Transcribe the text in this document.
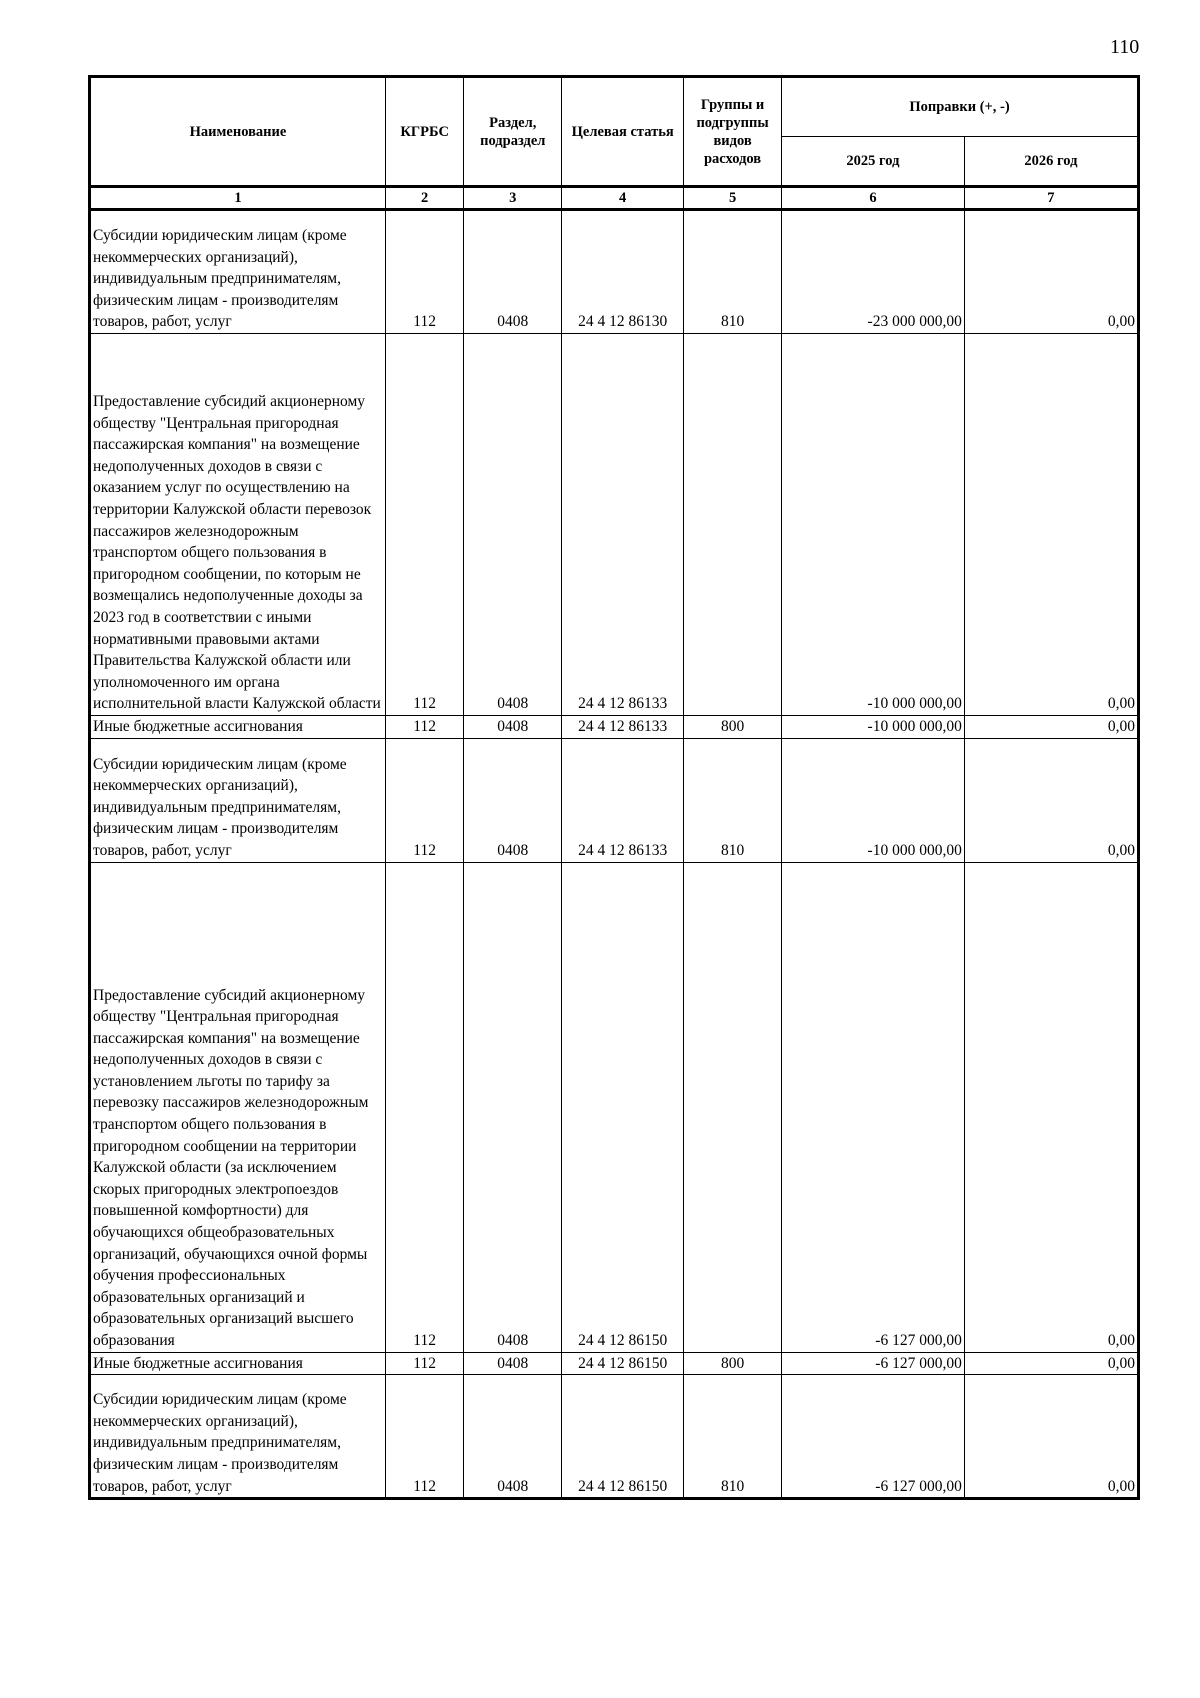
110
Наименование	КГРБС	Раздел, подраздел	Целевая статья	Группы и подгруппы видов расходов	Поправки (+, -)	
					2025 год	2026 год
1	2	3	4	5	6	7
Субсидии юридическим лицам (кроме некоммерческих организаций), индивидуальным предпринимателям, физическим лицам - производителям товаров, работ, услуг	112	0408	24 4 12 86130	810	-23 000 000,00	0,00
Предоставление субсидий акционерному обществу "Центральная пригородная пассажирская компания" на возмещение недополученных доходов в связи с оказанием услуг по осуществлению на территории Калужской области перевозок пассажиров железнодорожным транспортом общего пользования в пригородном сообщении, по которым не возмещались недополученные доходы за 2023 год в соответствии с иными нормативными правовыми актами Правительства Калужской области или уполномоченного им органа исполнительной власти Калужской области	112	0408	24 4 12 86133		-10 000 000,00	0,00
Иные бюджетные ассигнования	112	0408	24 4 12 86133	800	-10 000 000,00	0,00
Субсидии юридическим лицам (кроме некоммерческих организаций), индивидуальным предпринимателям, физическим лицам - производителям товаров, работ, услуг	112	0408	24 4 12 86133	810	-10 000 000,00	0,00
Предоставление субсидий акционерному обществу "Центральная пригородная пассажирская компания" на возмещение недополученных доходов в связи с установлением льготы по тарифу за перевозку пассажиров железнодорожным транспортом общего пользования в пригородном сообщении на территории Калужской области (за исключением скорых пригородных электропоездов повышенной комфортности) для обучающихся общеобразовательных организаций, обучающихся очной формы обучения профессиональных образовательных организаций и образовательных организаций высшего образования	112	0408	24 4 12 86150		-6 127 000,00	0,00
Иные бюджетные ассигнования	112	0408	24 4 12 86150	800	-6 127 000,00	0,00
Субсидии юридическим лицам (кроме некоммерческих организаций), индивидуальным предпринимателям, физическим лицам - производителям товаров, работ, услуг	112	0408	24 4 12 86150	810	-6 127 000,00	0,00
